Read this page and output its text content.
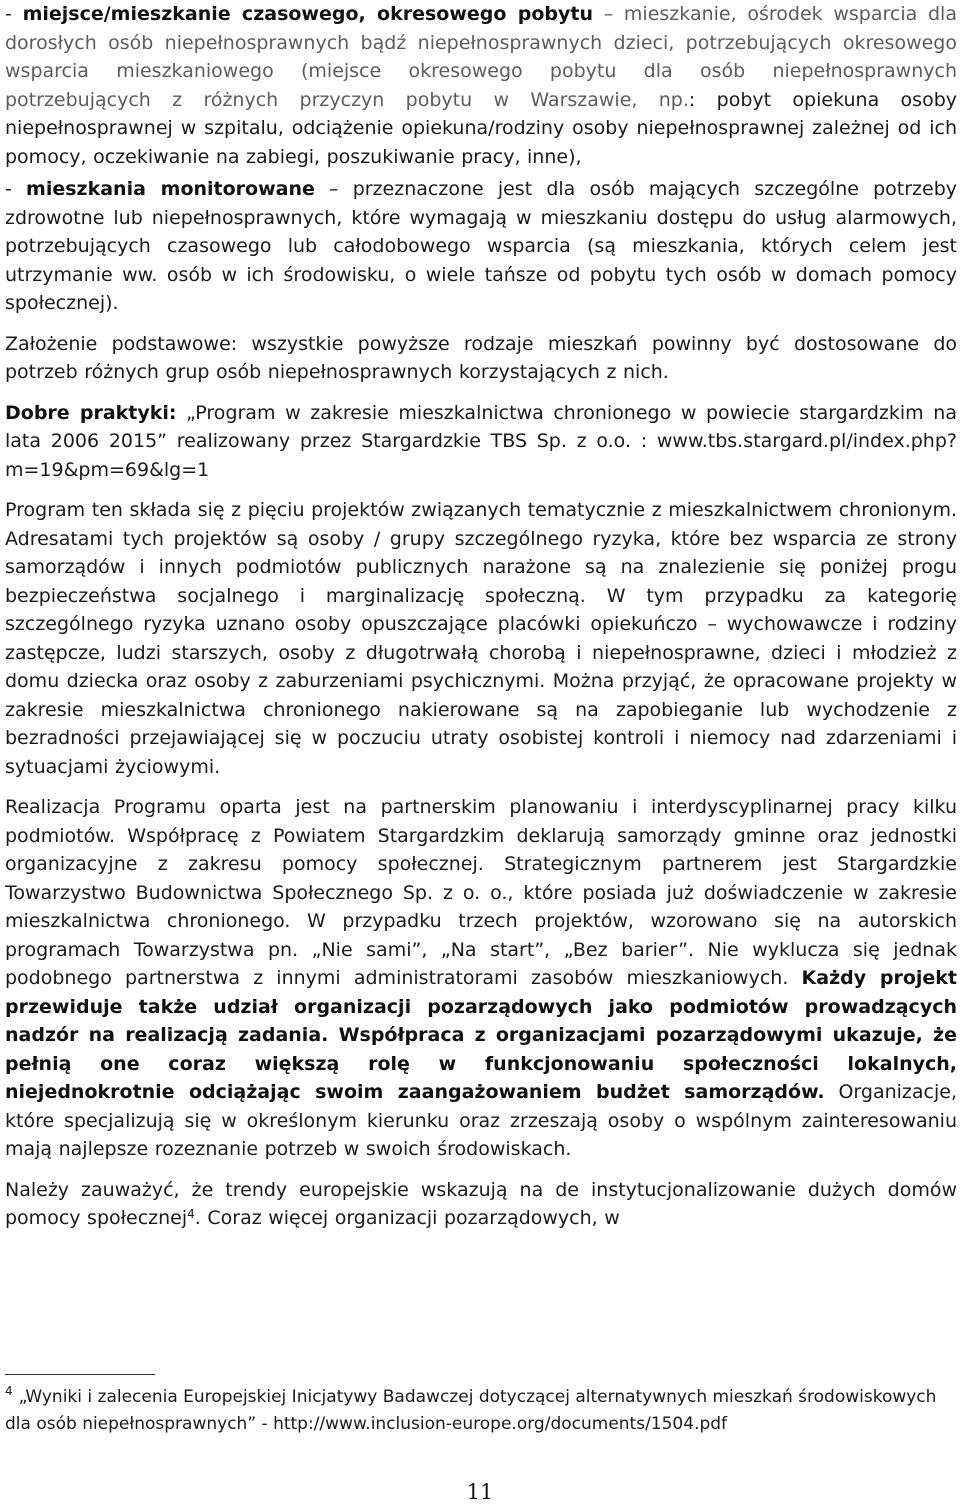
- miejsce/mieszkanie czasowego, okresowego pobytu – mieszkanie, ośrodek wsparcia dla dorosłych osób niepełnosprawnych bądź niepełnosprawnych dzieci, potrzebujących okresowego wsparcia mieszkaniowego (miejsce okresowego pobytu dla osób niepełnosprawnych potrzebujących z różnych przyczyn pobytu w Warszawie, np.: pobyt opiekuna osoby niepełnosprawnej w szpitalu, odciążenie opiekuna/rodziny osoby niepełnosprawnej zależnej od ich pomocy, oczekiwanie na zabiegi, poszukiwanie pracy, inne),

- mieszkania monitorowane – przeznaczone jest dla osób mających szczególne potrzeby zdrowotne lub niepełnosprawnych, które wymagają w mieszkaniu dostępu do usług alarmowych, potrzebujących czasowego lub całodobowego wsparcia (są mieszkania, których celem jest utrzymanie ww. osób w ich środowisku, o wiele tańsze od pobytu tych osób w domach pomocy społecznej).

Założenie podstawowe: wszystkie powyższe rodzaje mieszkań powinny być dostosowane do potrzeb różnych grup osób niepełnosprawnych korzystających z nich.

Dobre praktyki: „Program w zakresie mieszkalnictwa chronionego w powiecie stargardzkim na lata 2006 2015” realizowany przez Stargardzkie TBS Sp. z o.o. : www.tbs.stargard.pl/index.php?m=19&pm=69&lg=1

Program ten składa się z pięciu projektów związanych tematycznie z mieszkalnictwem chronionym. Adresatami tych projektów są osoby / grupy szczególnego ryzyka, które bez wsparcia ze strony samorządów i innych podmiotów publicznych narażone są na znalezienie się poniżej progu bezpieczeństwa socjalnego i marginalizację społeczną. W tym przypadku za kategorię szczególnego ryzyka uznano osoby opuszczające placówki opiekuńczo – wychowawcze i rodziny zastępcze, ludzi starszych, osoby z długotrwałą chorobą i niepełnosprawne, dzieci i młodzież z domu dziecka oraz osoby z zaburzeniami psychicznymi. Można przyjąć, że opracowane projekty w zakresie mieszkalnictwa chronionego nakierowane są na zapobieganie lub wychodzenie z bezradności przejawiającej się w poczuciu utraty osobistej kontroli i niemocy nad zdarzeniami i sytuacjami życiowymi.

Realizacja Programu oparta jest na partnerskim planowaniu i interdyscyplinarnej pracy kilku podmiotów. Współpracę z Powiatem Stargardzkim deklarują samorządy gminne oraz jednostki organizacyjne z zakresu pomocy społecznej. Strategicznym partnerem jest Stargardzkie Towarzystwo Budownictwa Społecznego Sp. z o. o., które posiada już doświadczenie w zakresie mieszkalnictwa chronionego. W przypadku trzech projektów, wzorowano się na autorskich programach Towarzystwa pn. „Nie sami”, „Na start”, „Bez barier”. Nie wyklucza się jednak podobnego partnerstwa z innymi administratorami zasobów mieszkaniowych. Każdy projekt przewiduje także udział organizacji pozarządowych jako podmiotów prowadzących nadzór na realizacją zadania. Współpraca z organizacjami pozarządowymi ukazuje, że pełnią one coraz większą rolę w funkcjonowaniu społeczności lokalnych, niejednokrotnie odciążając swoim zaangażowaniem budżet samorządów. Organizacje, które specjalizują się w określonym kierunku oraz zrzeszają osoby o wspólnym zainteresowaniu mają najlepsze rozeznanie potrzeb w swoich środowiskach.

Należy zauważyć, że trendy europejskie wskazują na de instytucjonalizowanie dużych domów pomocy społecznej$^4$. Coraz więcej organizacji pozarządowych, w

$^4$ „Wyniki i zalecenia Europejskiej Inicjatywy Badawczej dotyczącej alternatywnych mieszkań środowiskowych dla osób niepełnosprawnych” - http://www.inclusion-europe.org/documents/1504.pdf
11
